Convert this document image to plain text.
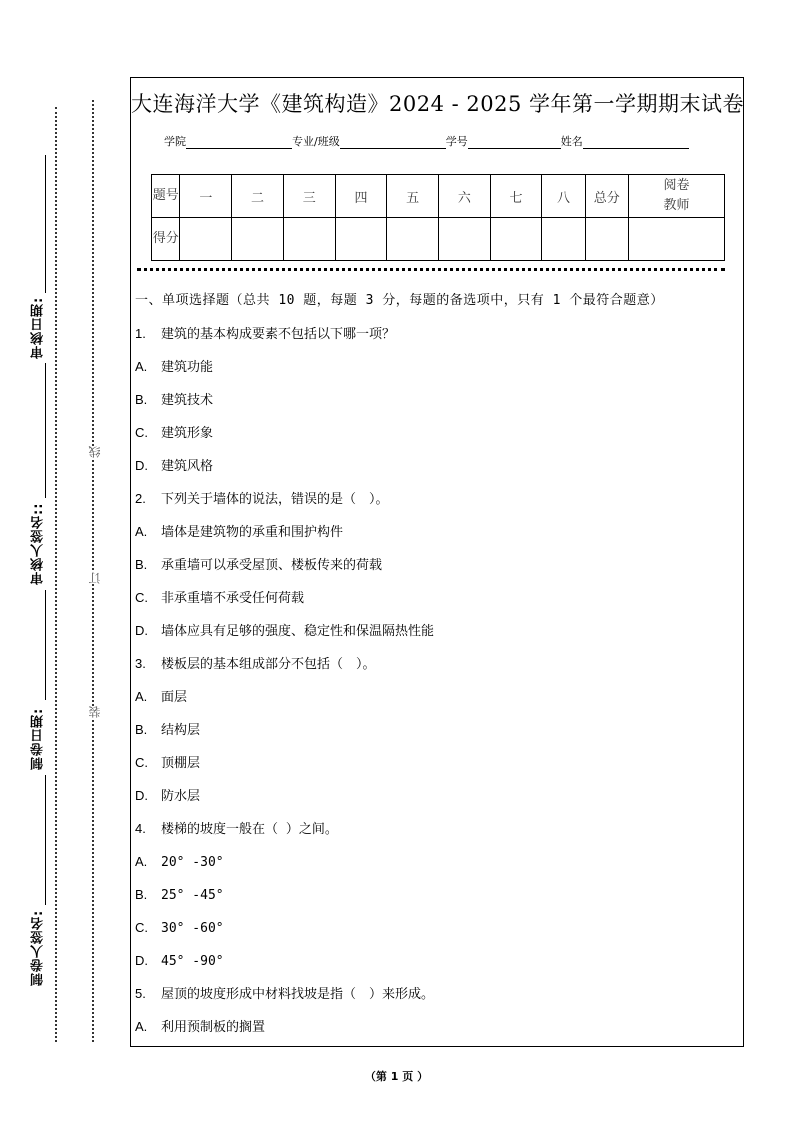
审核日期:
审核人签名::
制卷日期:
制卷人签名:
线
订
装
大连海洋大学《建筑构造》2024 - 2025 学年第一学期期末试卷
学院	专业/班级	学号	姓名
题号	一	二	三	四	五	六	七	八	总分	阅卷
教师
得分										
一、单项选择题（总共 10 题，每题 3 分，每题的备选项中，只有 1 个最符合题意）
1. 建筑的基本构成要素不包括以下哪一项？
A. 建筑功能
B. 建筑技术
C. 建筑形象
D. 建筑风格
2. 下列关于墙体的说法，错误的是（　）。
A. 墙体是建筑物的承重和围护构件
B. 承重墙可以承受屋顶、楼板传来的荷载
C. 非承重墙不承受任何荷载
D. 墙体应具有足够的强度、稳定性和保温隔热性能
3. 楼板层的基本组成部分不包括（　）。
A. 面层
B. 结构层
C. 顶棚层
D. 防水层
4. 楼梯的坡度一般在（ ）之间。
A. 20° -30°
B. 25° -45°
C. 30° -60°
D. 45° -90°
5. 屋顶的坡度形成中材料找坡是指（　）来形成。
A. 利用预制板的搁置
（第 1 页 ）
